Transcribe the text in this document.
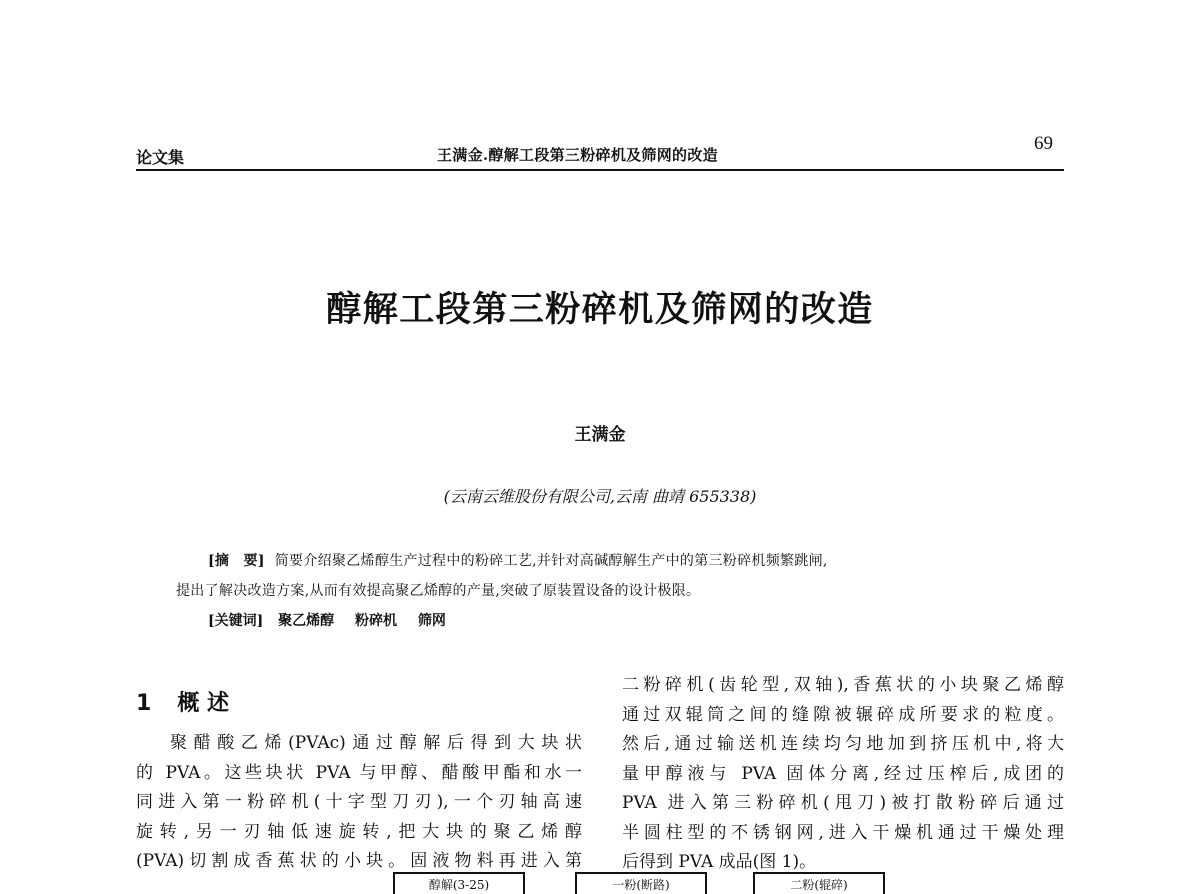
论文集	王满金.醇解工段第三粉碎机及筛网的改造
69
醇解工段第三粉碎机及筛网的改造
王满金
(云南云维股份有限公司,云南 曲靖 655338)
[摘　要] 简要介绍聚乙烯醇生产过程中的粉碎工艺,并针对高碱醇解生产中的第三粉碎机频繁跳闸,
提出了解决改造方案,从而有效提高聚乙烯醇的产量,突破了原装置设备的设计极限。
[关键词] 聚乙烯醇 粉碎机 筛网
1 概 述
聚醋酸乙烯(PVAc)通过醇解后得到大块状
的 PVA。这些块状 PVA 与甲醇、醋酸甲酯和水一
同进入第一粉碎机(十字型刀刃),一个刃轴高速
旋转,另一刃轴低速旋转,把大块的聚乙烯醇
(PVA)切割成香蕉状的小块。固液物料再进入第
二粉碎机(齿轮型,双轴),香蕉状的小块聚乙烯醇
通过双辊筒之间的缝隙被辗碎成所要求的粒度。
然后,通过输送机连续均匀地加到挤压机中,将大
量甲醇液与 PVA 固体分离,经过压榨后,成团的
PVA 进入第三粉碎机(甩刀)被打散粉碎后通过
半圆柱型的不锈钢网,进入干燥机通过干燥处理
后得到 PVA 成品(图 1)。
醇解(3-25)	一粉(断路)	二粉(辊碎)
